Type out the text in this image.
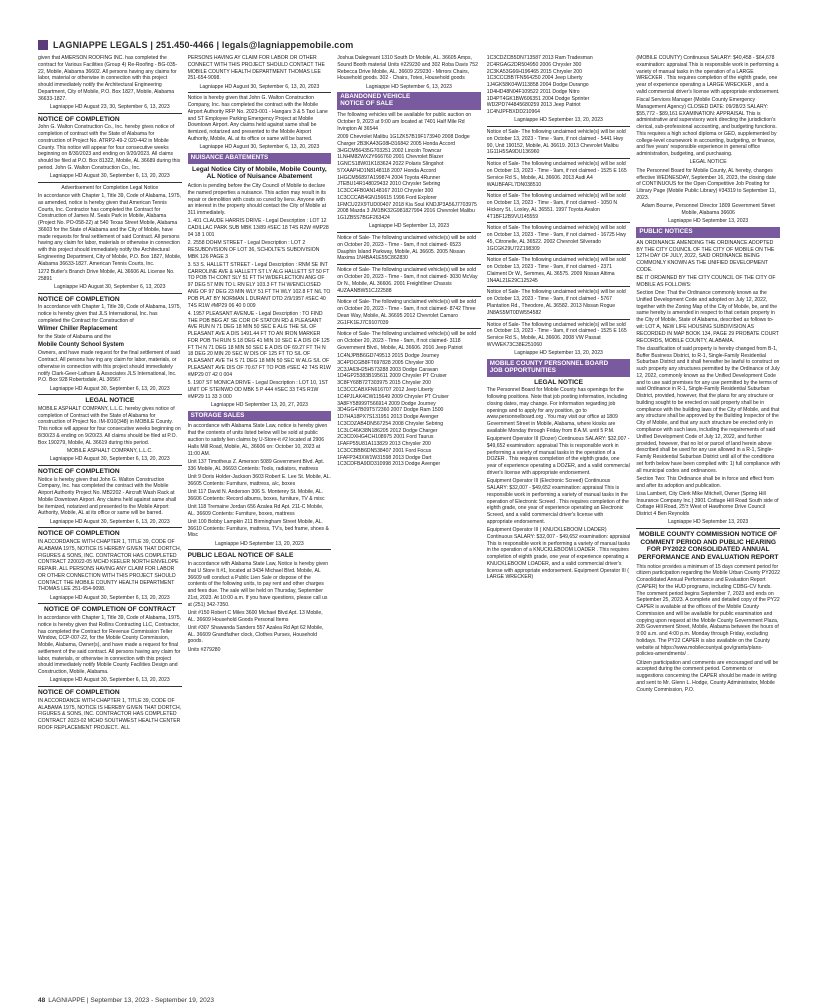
LAGNIAPPE LEGALS | 251.450-4466 | legals@lagniappemobile.com

given that AMERSON ROOFING INC. has completed the contract for Various Facilities (Group 4) Re-Roofing - BG-035-22, Mobile, Alabama 36602. All persons having any claims for labor, material or otherwise in connection with this project should immediately notify the Architectural Engineering Department, City of Mobile, P.O. Box 1827, Mobile, Alabama 36633-1827.

Lagniappe HD August 23, 30, September 6, 13, 2023

NOTICE OF COMPLETION

John G. Walton Construction Co., Inc. hereby gives notice of completion of contract with the State of Alabama for construction of Project No. ATRP2-49-2 020-442 in Mobile County. This notice will appear for four consecutive weeks beginning on 8/30/2023 and ending on 9/20/2023. All claims should be filed at P.O. Box 81322, Mobile, AL 36689 during this period. John G. Walton Construction Co., Inc.

Lagniappe HD August 30, September 6, 13, 20, 2023

Advertisement for Completion Legal Notice

In accordance with Chapter 1, Title 39, Code of Alabama, 1975, as amended, notice is hereby given that American Tennis Courts, Inc. Contractor has completed the Contract for Construction of James M. Seals Park in Mobile, Alabama (Project No. PO-058-22) at 540 Texas Street Mobile, Alabama 36603 for the State of Alabama and the City of Mobile, have made requests for final settlement of said Contract. All persons having any claim for labor, materials or otherwise in connection with this project should immediately notify the Architectural Engineering Department, City of Mobile, P.O. Box 1827, Mobile, Alabama 36633-1827. American Tennis Courts, Inc.

1272 Butler's Branch Drive Mobile, AL 36606 AL License No. 25891

Lagniappe HD August 30, September 6, 13, 2023

NOTICE OF COMPLETION

In accordance with Chapter 1, Title 39, Code of Alabama, 1975, notice is hereby given that JLS International, Inc. has completed the Contract for Construction of

Wilmer Chiller Replacement

for the State of Alabama and the

Mobile County School System

Owners, and have made request for the final settlement of said Contract. All persons hav ing any claim for labor, materials, or otherwise in connection with this project should immediately notify Clark-Geer-Latham & Associates JLS International, Inc. P.O. Box 928 Robertsdale, AL 36567

Lagniappe HD August 30, September 6, 13, 20, 2023

LEGAL NOTICE

MOBILE ASPHALT COMPANY, L.L.C. hereby gives notice of completion of Contract with the State of Alabama for construction of Project No. IM-I010(348) in MOBILE County. This notice will appear for four consecutive weeks beginning on 8/30/23 & ending on 9/20/23. All claims should be filed at P.O. Box 190279, Mobile, AL 36619 during this period.

MOBILE ASPHALT COMPANY, L.L.C.

Lagniappe HD August 30, September 6, 13, 20, 2023

NOTICE OF COMPLETION

Notice is hereby given that John G. Walton Construction Company, Inc. has completed the contract with the Mobile Airport Authority Project No. MB2202 - Aircraft Wash Rack at Mobile Downtown Airport. Any claims held against same shall be itemized, notarized and presented to the Mobile Airport Authority, Mobile, AL at its office or same will be barred.

Lagniappe HD August 30, September 6, 13, 20, 2023

NOTICE OF COMPLETION

IN ACCORDANCE WITH CHAPTER 1, TITLE 39, CODE OF ALABAMA 1975, NOTICE IS HEREBY GIVEN THAT DORTCH, FIGURES & SONS, INC. CONTRACTOR HAS COMPLETED CONTRACT 220022-05 MCHD KEELER NORTH ENVELOPE REPAIR. ALL PERSONS HAVING ANY CLAIM FOR LABOR OR OTHER CONNECTION WITH THIS PROJECT SHOULD CONTACT THE MOBILE COUNTY HEALTH DEPARTMENT THOMAS LEE 251-654-9098.

Lagniappe HD August 30, September 6, 13, 20, 2023

NOTICE OF COMPLETION OF CONTRACT

In accordance with Chapter 1, Title 39, Code of Alabama, 1975, notice is hereby given that Rollins Contracting LLC, Contractor, has completed the Contract for Revenue Commission Teller Window, CCP-007-22, for the Mobile County Commission, Mobile, Alabama, Owner(s), and have made a request for final settlement of the said contract. All persons having any claim for labor, materials, or otherwise in connection with this project should immediately notify Mobile County Facilities Design and Construction, Mobile, Alabama.

Lagniappe HD August 30, September 6, 13, 20, 2023

NOTICE OF COMPLETION

IN ACCORDANCE WITH CHAPTER 1, TITLE 39, CODE OF ALABAMA 1975, NOTICE IS HEREBY GIVEN THAT DORTCH, FIGURES & SONS, INC. CONTRACTOR HAS COMPLETED CONTRACT 2023-02 MCHD SOUTHWEST HEALTH CENTER ROOF REPLACEMENT PROJECT.. ALL

PERSONS HAVING AY CLAIM FOR LABOR OR OTHER CONNECT WITH THIS PROJECT SHOULD CONTACT THE MOBILE COUNTY HEALTH DEPARTMENT THOMAS LEE 251-654-9098.

Lagniappe HD August 30, September 6, 13, 20, 2023

Notice is hereby given that John G. Walton Construction Company, Inc. has completed the contract with the Mobile Airport Authority RFP No. 2023-001 - Hangars 3 & 5 Taxi Lane and ST Employee Parking Emergency Project at Mobile Downtown Airport. Any claims held against same shall be itemized, notarized and presented to the Mobile Airport Authority, Mobile, AL at its office or same will be barred.

Lagniappe HD August 30, September 6, 13, 20, 2023

NUISANCE ABATEMENTS
Legal Notice City of Mobile, Mobile County, AL Notice of Nuisance Abatement

Action is pending before the City Council of Mobile to declare the named properties a nuisance. This action may result in its repair or demolition with costs so cured by liens. Anyone with an interest in the property should contact the City of Mobile at 311 immediately.

1. 401 CLAUDE HARRIS DRIVE - Legal Description : LOT 12 CADILLAC PARK SUB MBK 13/89 #SEC 18 T4S R2W #MP28 04 18 1 001

2. 2558 DOHM STREET - Legal Description : LOT 2 RESUBDIVISION OF LOT 36, SCHOLTE'S SUBDIVISION MBK 126 PAGE 3

3. 53 S. HALLETT STREET - Legal Description : RNM SE INT CARROLINE AVE & HALLETT ST LY ALG HALLETT ST 50 FT TO POB TH CONT SLY 51 FT TH W/DEFLECTION ANG OF 97 DEG 57 MIN TO L RN ELY 103.3 FT TH W/ENCLOSED ANG OF 97 DEG 23 MIN WLY 51 FT TH WLY 102.8 FT N/L TO POB PLAT BY NORMAN L DURANT DTD 2/9/1957 #SEC 40 T4S R1W #MP29 06 40 0 009

4. 1957 PLEASANT AVENUE - Legal Description : TO FIND THE POB BEG AT SE COR OF STATON RD & PLEASANT AVE RUN N 71 DEG 18 MIN 50 SEC E ALG THE S/L OF PLEASANT AVE A DIS 1491.44 FT TO AN IRON MARKER FOR POB TH RUN S 18 DEG 41 MIN 10 SEC E A DIS OF 125 FT TH N 71 DEG 18 MIN 50 SEC E A DIS OF 69.27 FT TH N 18 DEG 20 MIN 20 SEC W DIS OF 125 FT TO S/L OF PLEASANT AVE TH S 71 DEG 18 MIN 50 SEC W ALG S/L OF PLEASANT AVE DIS OF 70.67 FT TO POB #SEC 42 T4S R1W #MP29 07 42 0 004

5. 1907 ST MONICA DRIVE - Legal Description : LOT 10, 1ST UNIT OF STEINWD OD MBK 5 P 444 #SEC 33 T4S R1W #MP29 11 33 3 000

Lagniappe HD September 13, 20, 27, 2023

STORAGE SALES

In accordance with Alabama State Law, notice is hereby given that the contents of units listed below will be sold at public auction to satisfy lien claims by U-Store-it #2 located at 2906 Halls Mill Road, Mobile, AL, 36606 on: October 10, 2023 at 11:00 AM.

Unit 137 Timotheus Z. Amerson 5089 Government Blvd. Apt. 336 Mobile, AL 36693 Contents: Tools, radiators, mattress

Unit 9 Doris Holder-Jackson 3603 Robert E. Lee St. Mobile, AL. 36605 Contents: Furniture, mattress, a/c, boxes

Unit 117 David N. Anderson 306 S. Monterey St. Mobile, AL. 36606 Contents: Record albums, boxes, furniture, TV & misc

Unit 118 Tremaine Jordan 656 Azalea Rd Apt. 211-C Mobile, AL. 36609 Contents: Furniture, boxes, mattress

Unit 100 Bobby Lampkin 211 Birmingham Street Mobile, AL. 36610 Contents: Furniture, mattress, TV's, bed frame, shoes & Misc

Lagniappe HD September 13, 20, 2023

PUBLIC LEGAL NOTICE OF SALE

In accordance with Alabama State Law, Notice is hereby given that U Store It #1, located at 3434 Michael Blvd. Mobile, AL 36609 will conduct a Public Lien Sale or dispose of the contents of the following units, to pay rent and other charges and fees due. The sale will be held on Thursday, September 21st, 2023. At 10:00 a.m. If you have questions, please call us at (251) 342-7350.

Unit #150 Robert C Miles 3600 Michael Blvd Apt. 13 Mobile, AL. 36609 Household Goods Personal Items

Unit #307 Shawanda Sanders 557 Azalea Rd Apt 62 Mobile, AL. 36609 Grandfather clock, Clothes Purses, Household goods.

Units #279280

Joshua Dalegreant 1310 South Dr Mobile, AL. 36605 Amps, Sound Booth material Units #229230 and 302 Roba Davis 752 Rebecca Drive Mobile, AL. 36609 229230 - Mirrors Chairs, Household goods. 302 - Chairs, Totes, Household goods

Lagniappe HD September 6, 13, 2023

ABANDONED VEHICLE
NOTICE OF SALE

The following vehicles will be available for public auction on October 9, 2023 at 9:00 am located at 7401 Half Mile Rd Irvington Al 36544

2009 Chevrolet Malibu 1G1ZK57B19F173940 2008 Dodge Charger 2B3KA43G08H316842 2005 Honda Accord 3HGCM56435G703251 2002 Lincoln Towncar 1LNHM82WX2Y666760 2001 Chevrolet Blazer 1GNCS18W01K183624 2022 Polaris Slingshot 57XAAPHD1N8148118 2007 Honda Accord 1HGCM56897A199874 2004 Toyota 4Runner JTEBU14R148029432 2010 Chrysler Sebring 1C3CC4FB0AN148167 2010 Chrysler 300 1C3CCCAB4GN156615 1996 Ford Explorer 1FMCU22X9TUD00407 2018 Kia Soul KNDJP3A56J7703975 2008 Mazda 3 JM1BK32G981827994 2016 Chevrolet Malibu 1G1ZB5S7BGF263424

Lagniappe HD September 13, 2023

Notice of Sale- The following unclaimed vehicle(s) will be sold on October 20, 2023 - Time - 9am, if not claimed- 6523 Dauphin Island Parkway, Mobile, AL 36605. 2005 Nissan Maxima 1N4BA41E55C862830

Notice of Sale- The following unclaimed vehicle(s) will be sold on October 20, 2023 - Time - 9am, if not claimed- 3030 McVay Dr N., Mobile, AL 36606. 2001 Freightliner Chassis 4UZAANBW51CJ22588

Notice of Sale- The following unclaimed vehicle(s) will be sold on October 20, 2023 - Time - 9am, if not claimed- 8742 Three Dean Way, Mobile, AL 36695 2012 Chevrolet Camaro 2G1FK1EJ7C9107039

Notice of Sale- The following unclaimed vehicle(s) will be sold on October 20, 2023 - Time - 9am, if not claimed- 3118 Government Blvd., Mobile, AL 36606. 2016 Jeep Patriot

1C4NJPBB6GD749513 2015 Dodge Journey 3C4PDCGB8FT697828 2005 Chrysler 300 2C3JA63H25H573288 2003 Dodge Caravan 1D4GP25383B195611 2009 Chrysler PT Cruiser 3C8FY68B72T303975 2015 Chrysler 200 1C3CCCABXFN616707 2012 Jeep Liberty 1C4PJLAK4CW115649 2009 Chrysler PT Cruiser 3A8FY58999T566914 2009 Dodge Journey 3D4GG47B09T572360 2007 Dodge Ram 1500 1D7HA18PX7S131951 2013 Dodge Avenger 1C3CDZAB4DN567254 2008 Chrysler Sebring 1C3LC46K38N186205 2012 Dodge Charger 2C3CDXHG4CH108975 2001 Ford Taurus 1FAFP55U81A113829 2013 Chrysler 200 1C3CCBBB6DN538407 2001 Ford Focus 1FAFP343XW1W31598 2013 Dodge Dart 1C3CDFBA9DD310998 2013 Dodge Avenger

1C3CDZCB5DN713587 2013 Ram Tradesman 2C4RGAG2DR504950 2006 Chrysler 300 2C3KA53G66H196465 2015 Chrysler 200 1C3CCCBB7FN564250 2004 Jeep Liberty 1J4GK58K04W113858 2004 Dodge Durango 1D4HD48N04F109522 2011 Dodge Nitro 1D4PT4GK1BW606351 2004 Dodge Sprinter WD2PD744845680259 2013 Jeep Patriot 1C4NJPFBXDD210964

Lagniappe HD September 13, 20, 2023

Notice of Sale- The following unclaimed vehicle(s) will be sold on October 13, 2023 - Time - 9am, if not claimed - 5441 Hwy 90, Unit 190152, Mobile, AL 36619. 2013 Chevrolet Malibu 1G11H5SA9DU136960

Notice of Sale- The following unclaimed vehicle(s) will be sold on October 13, 2023 - Time - 9am, if not claimed - 1525 E 165 Service Rd S., Mobile, AL 36606. 2013 Audi A4 WAUBFAFL7DN038510

Notice of Sale- The following unclaimed vehicle(s) will be sold on October 13, 2023 - Time - 9am, if not claimed - 1050 N Hickory St., Loxley, AL 36551. 1997 Toyota Avalon 4T1BF12B9VU145559

Notice of Sale- The following unclaimed vehicle(s) will be sold on October 13, 2023 - Time - 9am, if not claimed - 16725 Hwy 45, Citronelle, AL 36522. 2002 Chevrolet Silverado 1GCGK29U72Z198309

Notice of Sale- The following unclaimed vehicle(s) will be sold on October 13, 2023 - Time - 9am, if not claimed - 2371 Claiment Dr W., Semmes, AL 36575. 2009 Nissan Altima 1N4AL21E29C125245

Notice of Sale- The following unclaimed vehicle(s) will be sold on October 13, 2023 - Time - 9am, if not claimed - 5767 Plantation Rd., Theodore, AL 36582. 2013 Nissan Rogue JN8AS5MT0DW554582

Notice of Sale- The following unclaimed vehicle(s) will be sold on October 13, 2023 - Time - 9am, if not claimed - 1525 E 165 Service Rd S., Mobile, AL 36606. 2008 VW Passat WVWEK73C38E251060

Lagniappe HD September 13, 20, 2023

MOBILE COUNTY PERSONNEL BOARD
JOB OPPORTUNITIES
LEGAL NOTICE

The Personnel Board for Mobile County has openings for the following positions. Note that job posting information, including closing dates, may change. For information regarding job openings and to apply for any position, go to www.personnelboard.org . You may visit our office at 1809 Government Street in Mobile, Alabama, where kiosks are available Monday through Friday from 8 A.M. until 5 P.M.

Equipment Operator III (Dozer) Continuous SALARY: $32,007 - $49,652 examination: appraisal This is responsible work in performing a variety of manual tasks in the operation of a DOZER . This requires completion of the eighth grade, one year of experience operating a DOZER, and a valid commercial driver's license with appropriate endorsement.

Equipment Operator III (Electronic Screed) Continuous SALARY: $32,007 - $49,652 examination: appraisal This is responsible work in performing a variety of manual tasks in the operation of Electronic Screed . This requires completion of the eighth grade, one year of experience operating an Electronic Screed, and a valid commercial driver's license with appropriate endorsement.

Equipment Operator III ( KNUCKLEBOOM LOADER) Continuous SALARY: $32,007 - $49,652 examination: appraisal This is responsible work in performing a variety of manual tasks in the operation of a KNUCKLEBOOM LOADER . This requires completion of eighth grade, one year of experience operating a KNUCKLEBOOM LOADER, and a valid commercial driver's license with appropriate endorsement. Equipment Operator III ( LARGE WRECKER)

(MOBILE COUNTY) Continuous SALARY: $40,458 - $64,678 examination: appraisal This is responsible work in performing a variety of manual tasks in the operation of a LARGE WRECKER . This requires completion of the eighth grade, one year of experience operating a LARGE WRECKER , and a valid commercial driver's license with appropriate endorsement.

Fiscal Services Manager (Mobile County Emergency Management Agency) CLOSED DATE: 09/28/23 SALARY: $55,772 - $89,161 EXAMINATION: APPRAISAL This is administrative and supervisory work directing the jurisdiction's clerical, sub-professional accounting, and budgeting functions. This requires a high school diploma or GED, supplemented by college-level coursework in accounting, budgeting, or finance, and five years' responsible experience in general office administration, budgeting, and purchasing.

LEGAL NOTICE

The Personnel Board for Mobile County, AL hereby, changes effective WEDNESDAY, September 16, 2023, the closing date of CONTINUOUS for the Open Competitive Job Posting for Library Page (Mobile Public Library) #34319 to September 11, 2023.

Adam Bourne, Personnel Director 1809 Government Street Mobile, Alabama 36606

Lagniappe HD September 13, 2023

PUBLIC NOTICES

AN ORDINANCE AMENDING THE ORDINANCE ADOPTED BY THE CITY COUNCIL OF THE CITY OF MOBILE ON THE 12TH DAY OF JULY, 2022, SAID ORDINANCE BEING COMMONLY KNOWN AS THE UNIFIED DEVELOPMENT CODE.

BE IT ORDAINED BY THE CITY COUNCIL OF THE CITY OF MOBILE AS FOLLOWS:

Section One: That the Ordinance commonly known as the Unified Development Code and adopted on July 12, 2022, together with the Zoning Map of the City of Mobile, be, and the same hereby is amended in respect to that certain property in the City of Mobile, State of Alabama, described as follows to-wit: LOT A, NEW LIFE HOUSING SUBDIVISION AS RECORDED IN MAP BOOK 134, PAGE 29 PROBATE COURT RECORDS, MOBILE COUNTY, ALABAMA.

The classification of said property is hereby changed from B-1, Buffer Business District, to R-1, Single-Family Residential Suburban District and it shall hereafter be lawful to construct on such property any structures permitted by the Ordinance of July 12, 2022, commonly known as the Unified Development Code and to use said premises for any use permitted by the terms of said Ordinance in R-1, Single-Family Residential Suburban District, provided, however, that the plans for any structure or building sought to be erected on said property shall be in compliance with the building laws of the City of Mobile, and that any structure shall be approved by the Building Inspector of the City of Mobile, and that any such structure be erected only in compliance with such laws, including the requirements of said Unified Development Code of July 12, 2022, and further provided, however, that no lot or parcel of land herein above described shall be used for any use allowed in a R-1, Single-Family Residential Suburban District until all of the conditions set forth below have been complied with: 1) full compliance with all municipal codes and ordinances.

Section Two: This Ordinance shall be in force and effect from and after its adoption and publication.

Lisa Lambert, City Clerk Mike Mitchell, Owner (Spring Hill Insurance Company Inc.) 3901 Cottage Hill Road South side of Cottage Hill Road, 25'± West of Hawthorne Drive Council District 4 Ben Reynolds

Lagniappe HD September 13, 2023

MOBILE COUNTY COMMISSION NOTICE OF COMMENT PERIOD AND PUBLIC HEARING FOR PY2022 CONSOLIDATED ANNUAL PERFORMANCE AND EVALUATION REPORT

This notice provides a minimum of 15 days comment period for citizen participation regarding the Mobile Urban County PY2022 Consolidated Annual Performance and Evaluation Report (CAPER) for the HUD programs, including CDBG-CV funds. The comment period begins September 7, 2023 and ends on September 25, 2023. A complete and detailed copy of the PY22 CAPER is available at the offices of the Mobile County Commission and will be available for public examination and copying upon request at the Mobile County Government Plaza, 205 Government Street, Mobile, Alabama between the hours of 9:00 a.m. and 4:00 p.m. Monday through Friday, excluding holidays. The PY22 CAPER is also available on the County website at https://www.mobilecountyal.gov/grants/plans-policies-amendments/ .

Citizen participation and comments are encouraged and will be accepted during the comment period. Comments or suggestions concerning the CAPER should be made in writing and sent to Mr. Glenn L. Hodge, County Administrator, Mobile County Commission, P.O.

48 LAGNIAPPE | September 13, 2023 - September 19, 2023
